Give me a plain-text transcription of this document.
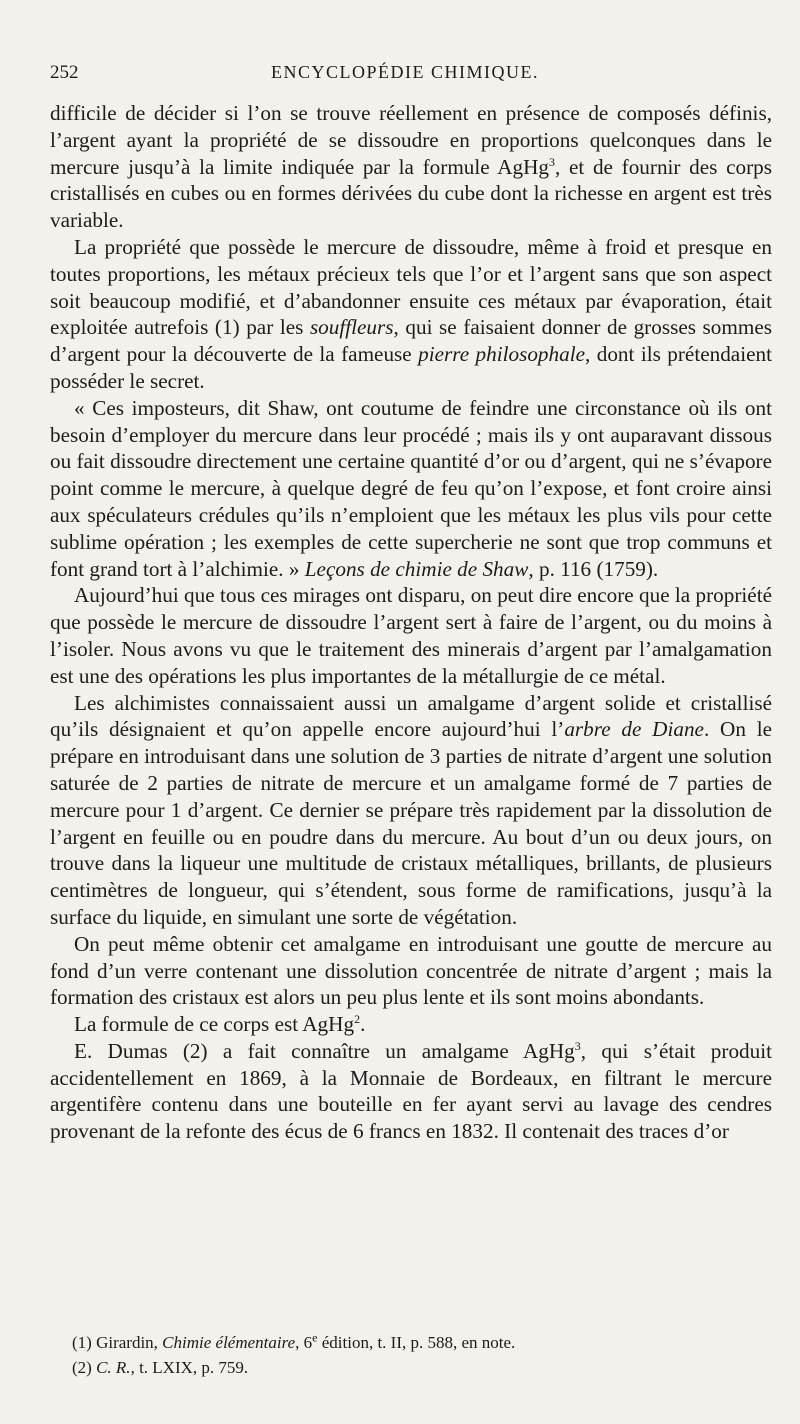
252	ENCYCLOPÉDIE CHIMIQUE.

difficile de décider si l’on se trouve réellement en présence de composés définis, l’argent ayant la propriété de se dissoudre en proportions quelconques dans le mercure jusqu’à la limite indiquée par la formule AgHg$^3$, et de fournir des corps cristallisés en cubes ou en formes dérivées du cube dont la richesse en argent est très variable.

La propriété que possède le mercure de dissoudre, même à froid et presque en toutes proportions, les métaux précieux tels que l’or et l’argent sans que son aspect soit beaucoup modifié, et d’abandonner ensuite ces métaux par évaporation, était exploitée autrefois (1) par les souffleurs, qui se faisaient donner de grosses sommes d’argent pour la découverte de la fameuse pierre philosophale, dont ils prétendaient posséder le secret.

« Ces imposteurs, dit Shaw, ont coutume de feindre une circonstance où ils ont besoin d’employer du mercure dans leur procédé ; mais ils y ont auparavant dissous ou fait dissoudre directement une certaine quantité d’or ou d’argent, qui ne s’évapore point comme le mercure, à quelque degré de feu qu’on l’expose, et font croire ainsi aux spéculateurs crédules qu’ils n’emploient que les métaux les plus vils pour cette sublime opération ; les exemples de cette supercherie ne sont que trop communs et font grand tort à l’alchimie. » Leçons de chimie de Shaw, p. 116 (1759).

Aujourd’hui que tous ces mirages ont disparu, on peut dire encore que la propriété que possède le mercure de dissoudre l’argent sert à faire de l’argent, ou du moins à l’isoler. Nous avons vu que le traitement des minerais d’argent par l’amalgamation est une des opérations les plus importantes de la métallurgie de ce métal.

Les alchimistes connaissaient aussi un amalgame d’argent solide et cristallisé qu’ils désignaient et qu’on appelle encore aujourd’hui l’arbre de Diane. On le prépare en introduisant dans une solution de 3 parties de nitrate d’argent une solution saturée de 2 parties de nitrate de mercure et un amalgame formé de 7 parties de mercure pour 1 d’argent. Ce dernier se prépare très rapidement par la dissolution de l’argent en feuille ou en poudre dans du mercure. Au bout d’un ou deux jours, on trouve dans la liqueur une multitude de cristaux métalliques, brillants, de plusieurs centimètres de longueur, qui s’étendent, sous forme de ramifications, jusqu’à la surface du liquide, en simulant une sorte de végétation.

On peut même obtenir cet amalgame en introduisant une goutte de mercure au fond d’un verre contenant une dissolution concentrée de nitrate d’argent ; mais la formation des cristaux est alors un peu plus lente et ils sont moins abondants.

La formule de ce corps est AgHg$^2$.

E. Dumas (2) a fait connaître un amalgame AgHg$^3$, qui s’était produit accidentellement en 1869, à la Monnaie de Bordeaux, en filtrant le mercure argentifère contenu dans une bouteille en fer ayant servi au lavage des cendres provenant de la refonte des écus de 6 francs en 1832. Il contenait des traces d’or

(1) Girardin, Chimie élémentaire, 6e édition, t. II, p. 588, en note.
(2) C. R., t. LXIX, p. 759.
